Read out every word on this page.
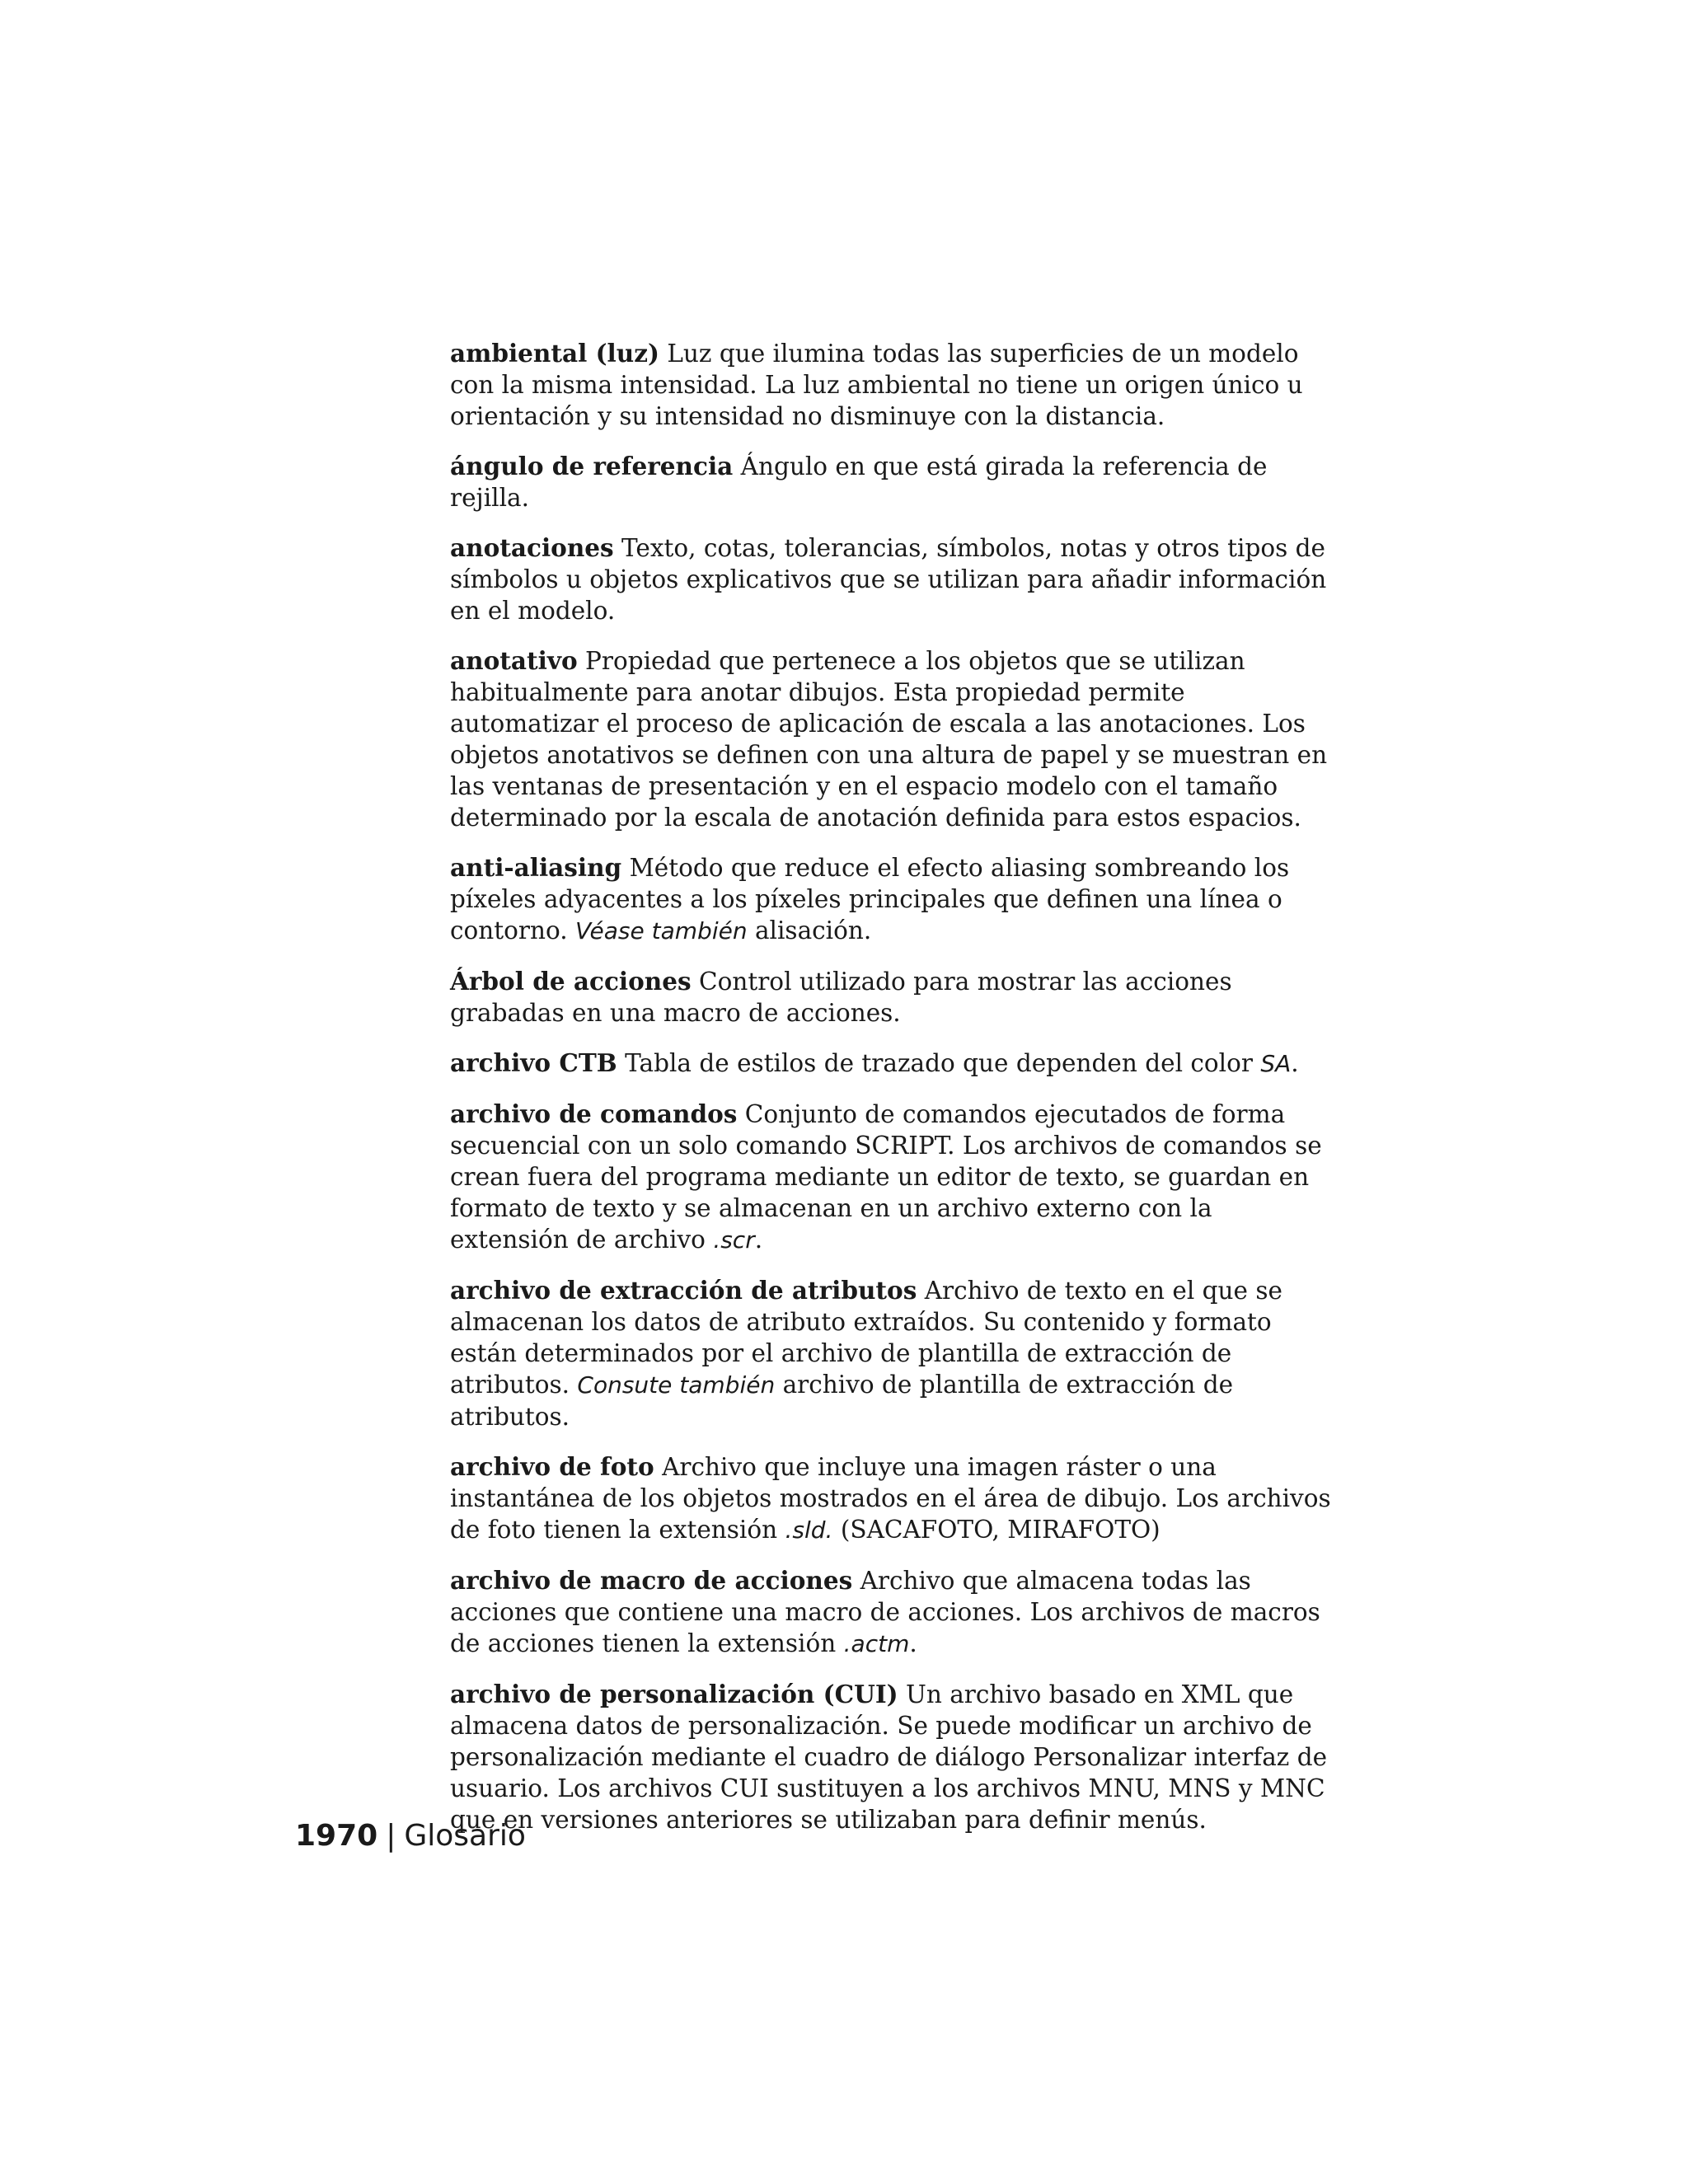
ambiental (luz) Luz que ilumina todas las superficies de un modelo con la misma intensidad. La luz ambiental no tiene un origen único u orientación y su intensidad no disminuye con la distancia.

ángulo de referencia Ángulo en que está girada la referencia de rejilla.

anotaciones Texto, cotas, tolerancias, símbolos, notas y otros tipos de símbolos u objetos explicativos que se utilizan para añadir información en el modelo.

anotativo Propiedad que pertenece a los objetos que se utilizan habitualmente para anotar dibujos. Esta propiedad permite automatizar el proceso de aplicación de escala a las anotaciones. Los objetos anotativos se definen con una altura de papel y se muestran en las ventanas de presentación y en el espacio modelo con el tamaño determinado por la escala de anotación definida para estos espacios.

anti-aliasing Método que reduce el efecto aliasing sombreando los píxeles adyacentes a los píxeles principales que definen una línea o contorno. Véase también alisación.

Árbol de acciones Control utilizado para mostrar las acciones grabadas en una macro de acciones.

archivo CTB Tabla de estilos de trazado que dependen del color SA.

archivo de comandos Conjunto de comandos ejecutados de forma secuencial con un solo comando SCRIPT. Los archivos de comandos se crean fuera del programa mediante un editor de texto, se guardan en formato de texto y se almacenan en un archivo externo con la extensión de archivo .scr.

archivo de extracción de atributos Archivo de texto en el que se almacenan los datos de atributo extraídos. Su contenido y formato están determinados por el archivo de plantilla de extracción de atributos. Consute también archivo de plantilla de extracción de atributos.

archivo de foto Archivo que incluye una imagen ráster o una instantánea de los objetos mostrados en el área de dibujo. Los archivos de foto tienen la extensión .sld. (SACAFOTO, MIRAFOTO)

archivo de macro de acciones Archivo que almacena todas las acciones que contiene una macro de acciones. Los archivos de macros de acciones tienen la extensión .actm.

archivo de personalización (CUI) Un archivo basado en XML que almacena datos de personalización. Se puede modificar un archivo de personalización mediante el cuadro de diálogo Personalizar interfaz de usuario. Los archivos CUI sustituyen a los archivos MNU, MNS y MNC que en versiones anteriores se utilizaban para definir menús.

1970 | Glosario
